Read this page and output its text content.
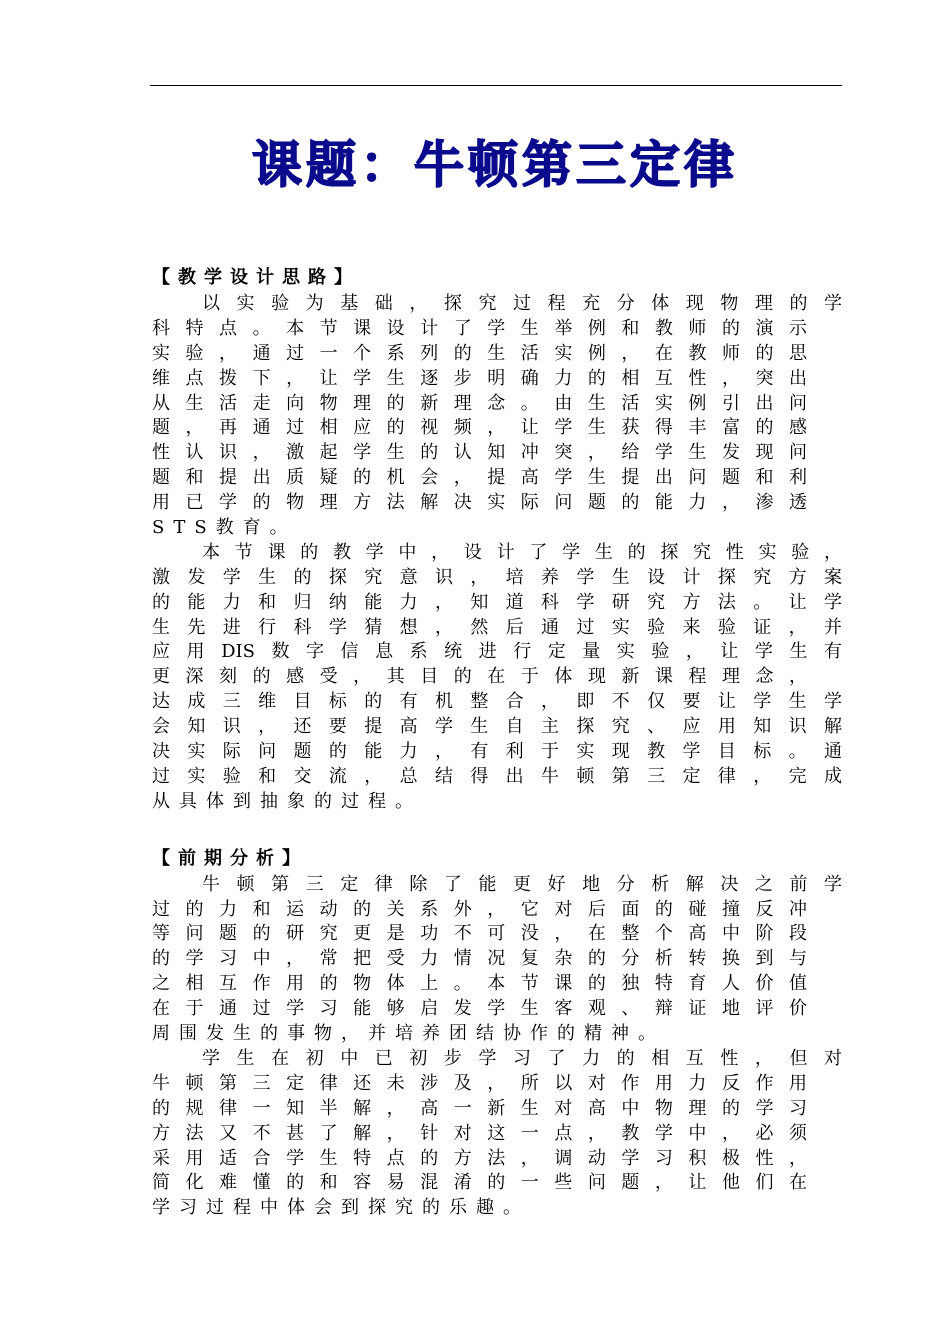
课题：牛顿第三定律
【教学设计思路】
以实验为基础，探究过程充分体现物理的学
科特点。本节课设计了学生举例和教师的演示
实验，通过一个系列的生活实例，在教师的思
维点拨下，让学生逐步明确力的相互性，突出
从生活走向物理的新理念。由生活实例引出问
题，再通过相应的视频，让学生获得丰富的感
性认识，激起学生的认知冲突，给学生发现问
题和提出质疑的机会，提高学生提出问题和利
用已学的物理方法解决实际问题的能力，渗透
STS教育。
本节课的教学中，设计了学生的探究性实验，
激发学生的探究意识，培养学生设计探究方案
的能力和归纳能力，知道科学研究方法。让学
生先进行科学猜想，然后通过实验来验证，并
应用DIS数字信息系统进行定量实验，让学生有
更深刻的感受，其目的在于体现新课程理念，
达成三维目标的有机整合，即不仅要让学生学
会知识，还要提高学生自主探究、应用知识解
决实际问题的能力，有利于实现教学目标。通
过实验和交流，总结得出牛顿第三定律，完成
从具体到抽象的过程。
【前期分析】
牛顿第三定律除了能更好地分析解决之前学
过的力和运动的关系外，它对后面的碰撞反冲
等问题的研究更是功不可没，在整个高中阶段
的学习中，常把受力情况复杂的分析转换到与
之相互作用的物体上。本节课的独特育人价值
在于通过学习能够启发学生客观、辩证地评价
周围发生的事物，并培养团结协作的精神。
学生在初中已初步学习了力的相互性，但对
牛顿第三定律还未涉及，所以对作用力反作用
的规律一知半解，高一新生对高中物理的学习
方法又不甚了解，针对这一点，教学中，必须
采用适合学生特点的方法，调动学习积极性，
简化难懂的和容易混淆的一些问题，让他们在
学习过程中体会到探究的乐趣。
